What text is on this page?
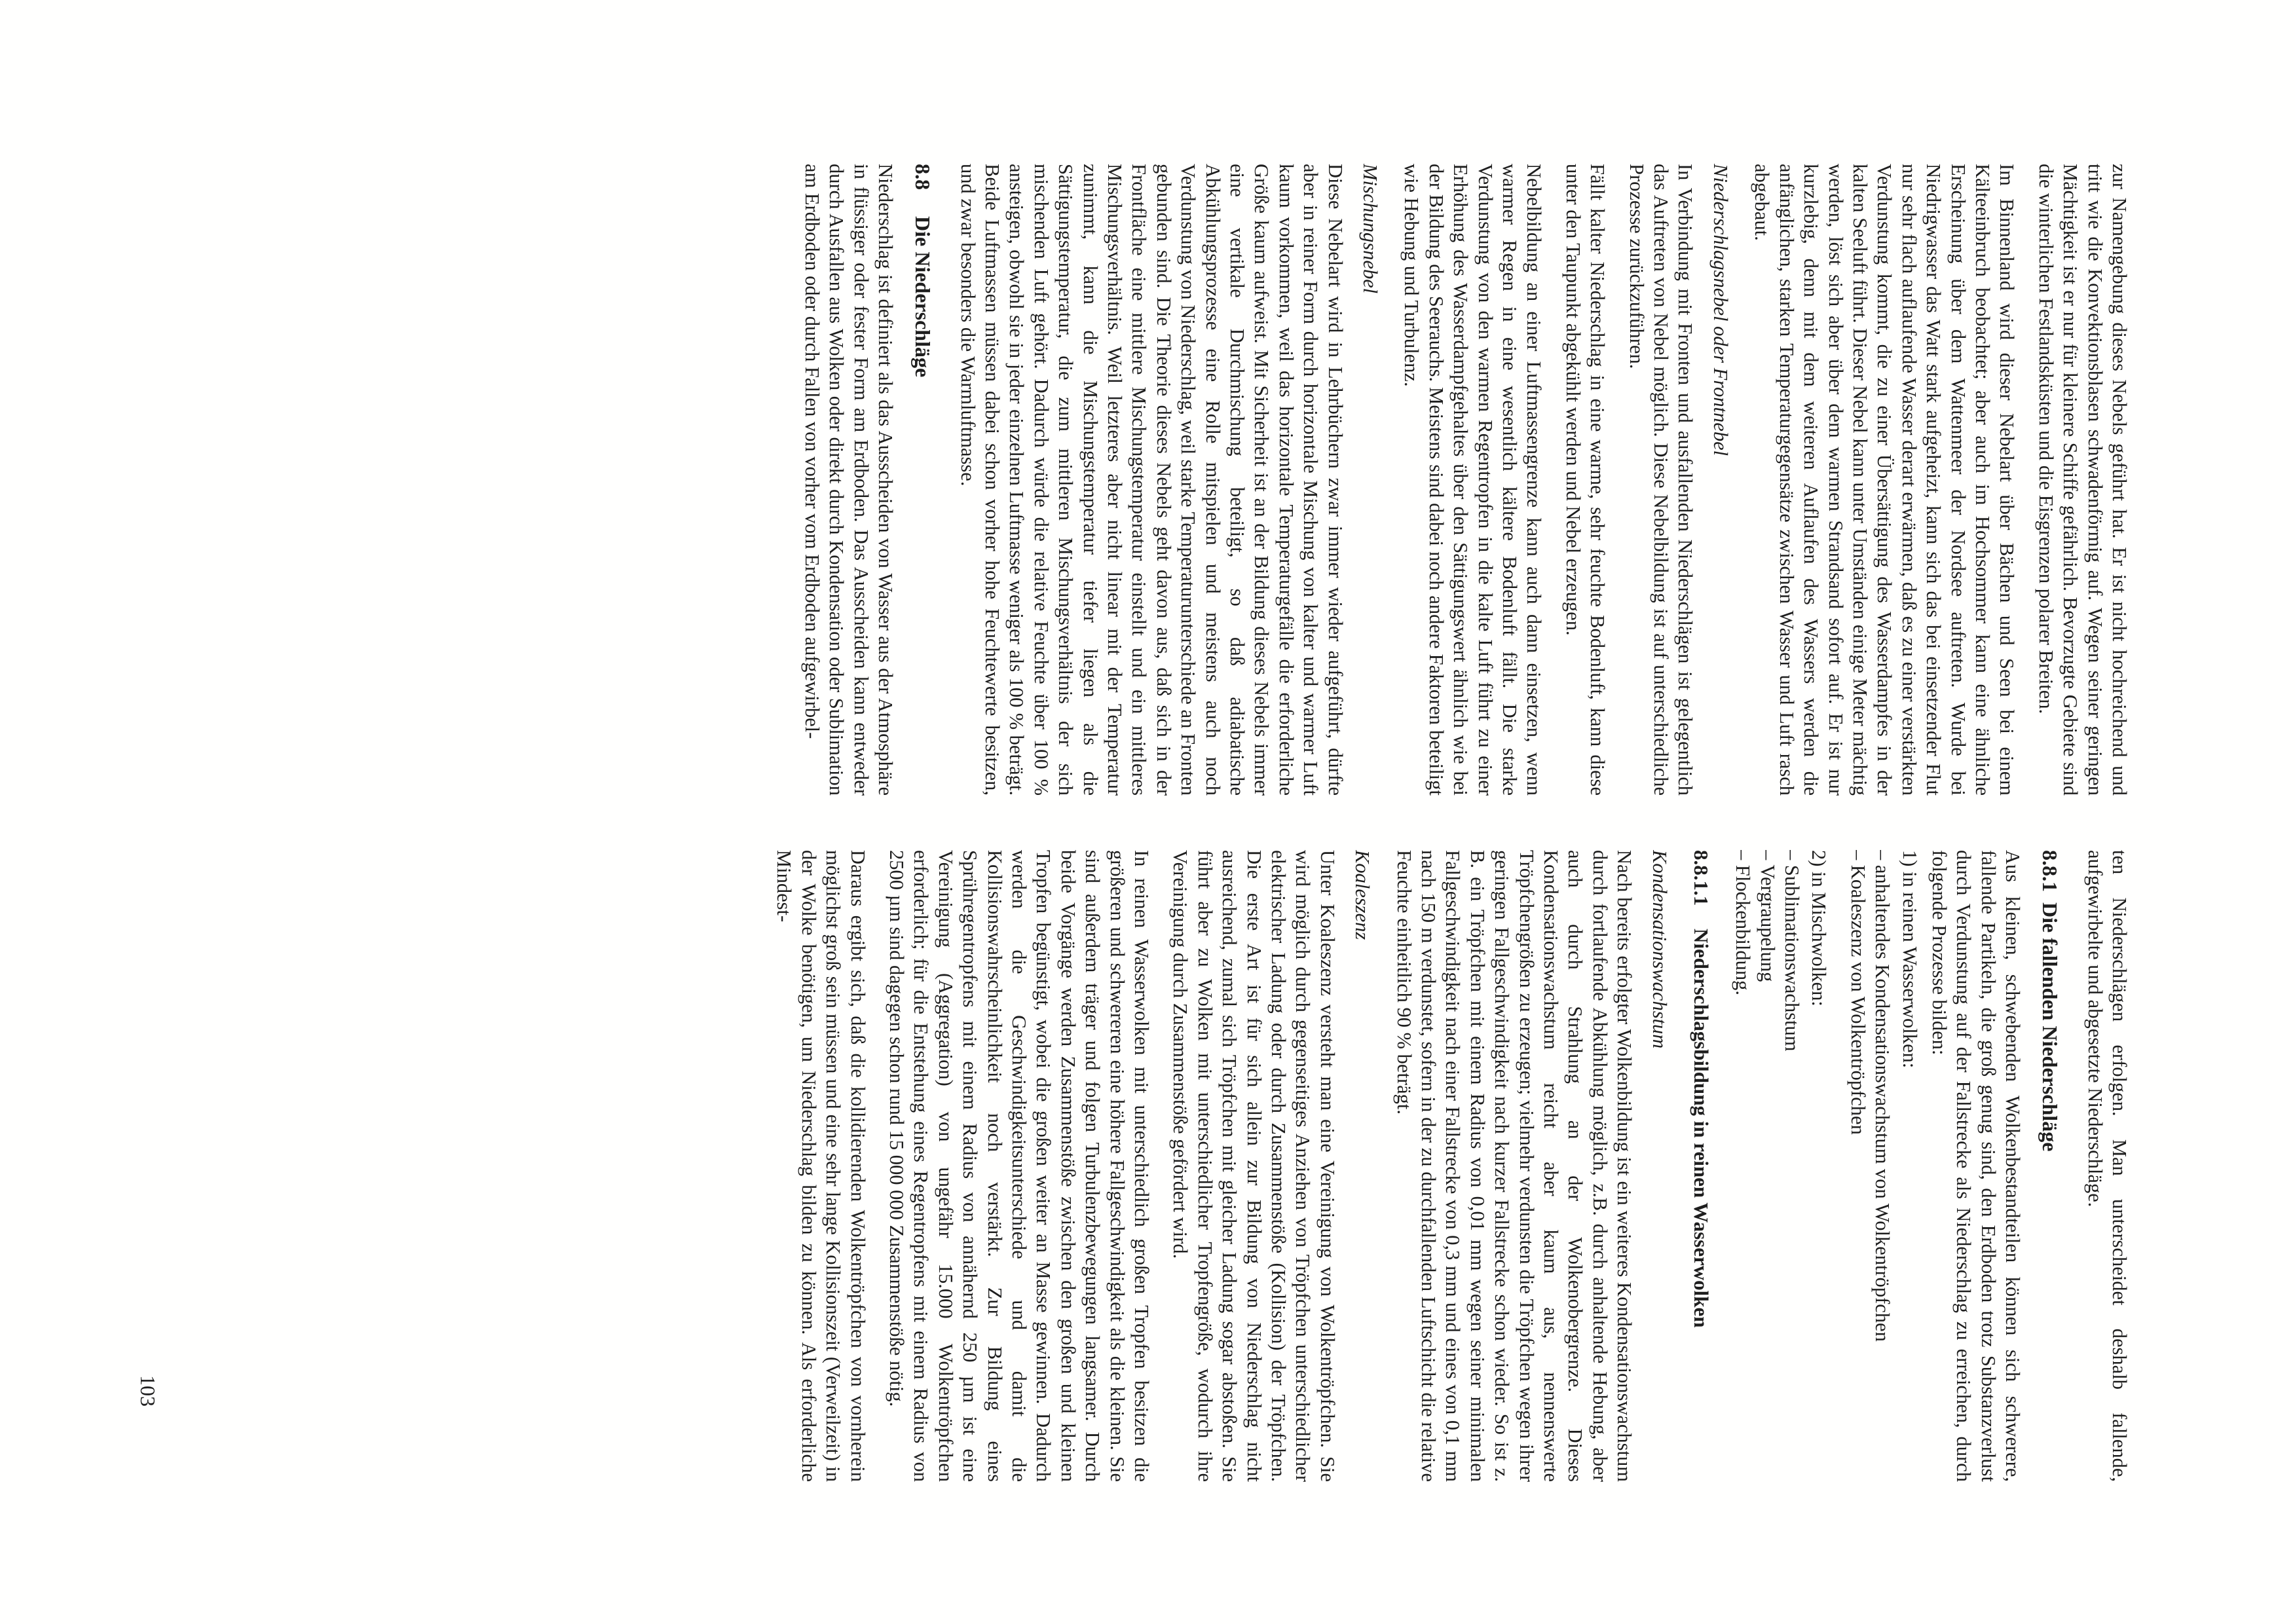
zur Namengebung dieses Nebels geführt hat. Er ist nicht hochreichend und tritt wie die Konvektionsblasen schwadenförmig auf. Wegen seiner geringen Mächtigkeit ist er nur für kleinere Schiffe gefährlich. Bevorzugte Gebiete sind die winterlichen Festlandsküsten und die Eisgrenzen polarer Breiten.

Im Binnenland wird dieser Nebelart über Bächen und Seen bei einem Kälteeinbruch beobachtet; aber auch im Hochsommer kann eine ähnliche Erscheinung über dem Wattenmeer der Nordsee auftreten. Wurde bei Niedrigwasser das Watt stark aufgeheizt, kann sich das bei einsetzender Flut nur sehr flach auflaufende Wasser derart erwärmen, daß es zu einer verstärkten Verdunstung kommt, die zu einer Übersättigung des Wasserdampfes in der kalten Seeluft führt. Dieser Nebel kann unter Umständen einige Meter mächtig werden, löst sich aber über dem warmen Strandsand sofort auf. Er ist nur kurzlebig, denn mit dem weiteren Auflaufen des Wassers werden die anfänglichen, starken Temperaturgegensätze zwischen Wasser und Luft rasch abgebaut.

Niederschlagsnebel oder Frontnebel

In Verbindung mit Fronten und ausfallenden Niederschlägen ist gelegentlich das Auftreten von Nebel möglich. Diese Nebelbildung ist auf unterschiedliche Prozesse zurückzuführen.

Fällt kalter Niederschlag in eine warme, sehr feuchte Bodenluft, kann diese unter den Taupunkt abgekühlt werden und Nebel erzeugen.

Nebelbildung an einer Luftmassengrenze kann auch dann einsetzen, wenn warmer Regen in eine wesentlich kältere Bodenluft fällt. Die starke Verdunstung von den warmen Regentropfen in die kalte Luft führt zu einer Erhöhung des Wasserdampfgehaltes über den Sättigungswert ähnlich wie bei der Bildung des Seerauchs. Meistens sind dabei noch andere Faktoren beteiligt wie Hebung und Turbulenz.

Mischungsnebel

Diese Nebelart wird in Lehrbüchern zwar immer wieder aufgeführt, dürfte aber in reiner Form durch horizontale Mischung von kalter und warmer Luft kaum vorkommen, weil das horizontale Temperaturgefälle die erforderliche Größe kaum aufweist. Mit Sicherheit ist an der Bildung dieses Nebels immer eine vertikale Durchmischung beteiligt, so daß adiabatische Abkühlungsprozesse eine Rolle mitspielen und meistens auch noch Verdunstung von Niederschlag, weil starke Temperaturunterschiede an Fronten gebunden sind. Die Theorie dieses Nebels geht davon aus, daß sich in der Frontfläche eine mittlere Mischungstemperatur einstellt und ein mittleres Mischungsverhältnis. Weil letzteres aber nicht linear mit der Temperatur zunimmt, kann die Mischungstemperatur tiefer liegen als die Sättigungstemperatur, die zum mittleren Mischungsverhältnis der sich mischenden Luft gehört. Dadurch würde die relative Feuchte über 100 % ansteigen, obwohl sie in jeder einzelnen Luftmasse weniger als 100 % beträgt. Beide Luftmassen müssen dabei schon vorher hohe Feuchtewerte besitzen, und zwar besonders die Warmluftmasse.

8.8Die Niederschläge

Niederschlag ist definiert als das Ausscheiden von Wasser aus der Atmosphäre in flüssiger oder fester Form am Erdboden. Das Ausscheiden kann entweder durch Ausfallen aus Wolken oder direkt durch Kondensation oder Sublimation am Erdboden oder durch Fallen von vorher vom Erdboden aufgewirbel-

ten Niederschlägen erfolgen. Man unterscheidet deshalb fallende, aufgewirbelte und abgesetzte Niederschläge.

8.8.1Die fallenden Niederschläge

Aus kleinen, schwebenden Wolkenbestandteilen können sich schwerere, fallende Partikeln, die groß genug sind, den Erdboden trotz Substanzverlust durch Verdunstung auf der Fallstrecke als Niederschlag zu erreichen, durch folgende Prozesse bilden:

1) in reinen Wasserwolken:
– anhaltendes Kondensationswachstum von Wolkentröpfchen
– Koaleszenz von Wolkentröpfchen
2) in Mischwolken:
– Sublimationswachstum
– Vergraupelung
– Flockenbildung.
8.8.1.1Niederschlagsbildung in reinen Wasserwolken
Kondensationswachstum

Nach bereits erfolgter Wolkenbildung ist ein weiteres Kondensationswachstum durch fortlaufende Abkühlung möglich, z.B. durch anhaltende Hebung, aber auch durch Strahlung an der Wolkenobergrenze. Dieses Kondensationswachstum reicht aber kaum aus, nennenswerte Tröpfchengrößen zu erzeugen; vielmehr verdunsten die Tröpfchen wegen ihrer geringen Fallgeschwindigkeit nach kurzer Fallstrecke schon wieder. So ist z. B. ein Tröpfchen mit einem Radius von 0,01 mm wegen seiner minimalen Fallgeschwindigkeit nach einer Fallstrecke von 0,3 mm und eines von 0,1 mm nach 150 m verdunstet, sofern in der zu durchfallenden Luftschicht die relative Feuchte einheitlich 90 % beträgt.

Koaleszenz

Unter Koaleszenz versteht man eine Vereinigung von Wolkentröpfchen. Sie wird möglich durch gegenseitiges Anziehen von Tröpfchen unterschiedlicher elektrischer Ladung oder durch Zusammenstöße (Kollision) der Tröpfchen. Die erste Art ist für sich allein zur Bildung von Niederschlag nicht ausreichend, zumal sich Tröpfchen mit gleicher Ladung sogar abstoßen. Sie führt aber zu Wolken mit unterschiedlicher Tropfengröße, wodurch ihre Vereinigung durch Zusammenstöße gefördert wird.

In reinen Wasserwolken mit unterschiedlich großen Tropfen besitzen die größeren und schwereren eine höhere Fallgeschwindigkeit als die kleinen. Sie sind außerdem träger und folgen Turbulenzbewegungen langsamer. Durch beide Vorgänge werden Zusammenstöße zwischen den großen und kleinen Tropfen begünstigt, wobei die großen weiter an Masse gewinnen. Dadurch werden die Geschwindigkeitsunterschiede und damit die Kollisionswahrscheinlichkeit noch verstärkt. Zur Bildung eines Sprühregentropfens mit einem Radius von annähernd 250 µm ist eine Vereinigung (Aggregation) von ungefähr 15.000 Wolkentröpfchen erforderlich; für die Entstehung eines Regentropfens mit einem Radius von 2500 µm sind dagegen schon rund 15 000 000 Zusammenstöße nötig.

Daraus ergibt sich, daß die kollidierenden Wolkentröpfchen von vornherein möglichst groß sein müssen und eine sehr lange Kollisionszeit (Verweilzeit) in der Wolke benötigen, um Niederschlag bilden zu können. Als erforderliche Mindest-

103
